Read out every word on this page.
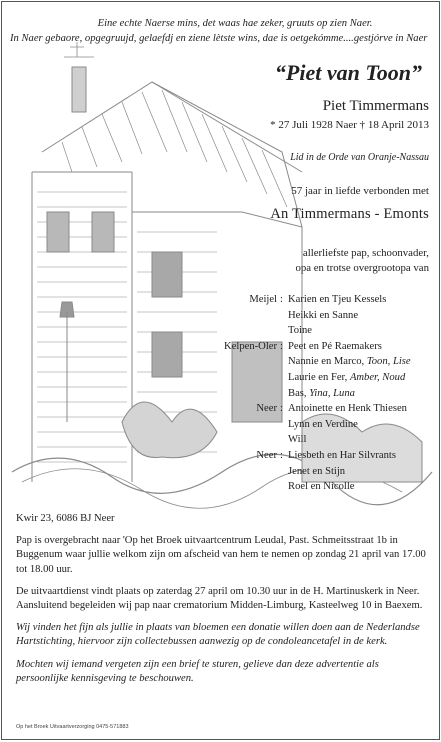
Eine echte Naerse mins, det waas hae zeker, gruuts op zien Naer.
In Naer gebaore, opgegruujd, gelaefdj en ziene lètste wins, dae is oetgekómme....gestjórve in Naer
“Piet van Toon”
Piet Timmermans
* 27 Juli 1928 Naer † 18 April 2013
Lid in de Orde van Oranje-Nassau
57 jaar in liefde verbonden met
An Timmermans - Emonts
allerliefste pap, schoonvader,
opa en trotse overgrootopa van
Meijel : Karien en Tjeu Kessels
Heikki en Sanne
Toine
Kelpen-Oler : Peet en Pé Raemakers
Nannie en Marco, Toon, Lise
Laurie en Fer, Amber, Noud
Bas, Yina, Luna
Neer : Antoinette en Henk Thiesen
Lynn en Verdine
Will
Neer : Liesbeth en Har Silvrants
Jenet en Stijn
Roel en Nicolle

Kwir 23, 6086 BJ Neer

Pap is overgebracht naar 'Op het Broek uitvaartcentrum Leudal, Past. Schmeitsstraat 1b in Buggenum waar jullie welkom zijn om afscheid van hem te nemen op zondag 21 april van 17.00 tot 18.00 uur.

De uitvaartdienst vindt plaats op zaterdag 27 april om 10.30 uur in de H. Martinuskerk in Neer. Aansluitend begeleiden wij pap naar crematorium Midden-Limburg, Kasteelweg 10 in Baexem.

Wij vinden het fijn als jullie in plaats van bloemen een donatie willen doen aan de Nederlandse Hartstichting, hiervoor zijn collectebussen aanwezig op de condoleancetafel in de kerk.

Mochten wij iemand vergeten zijn een brief te sturen, gelieve dan deze advertentie als persoonlijke kennisgeving te beschouwen.

Op het Broek Uitvaartverzorging 0475-571883
